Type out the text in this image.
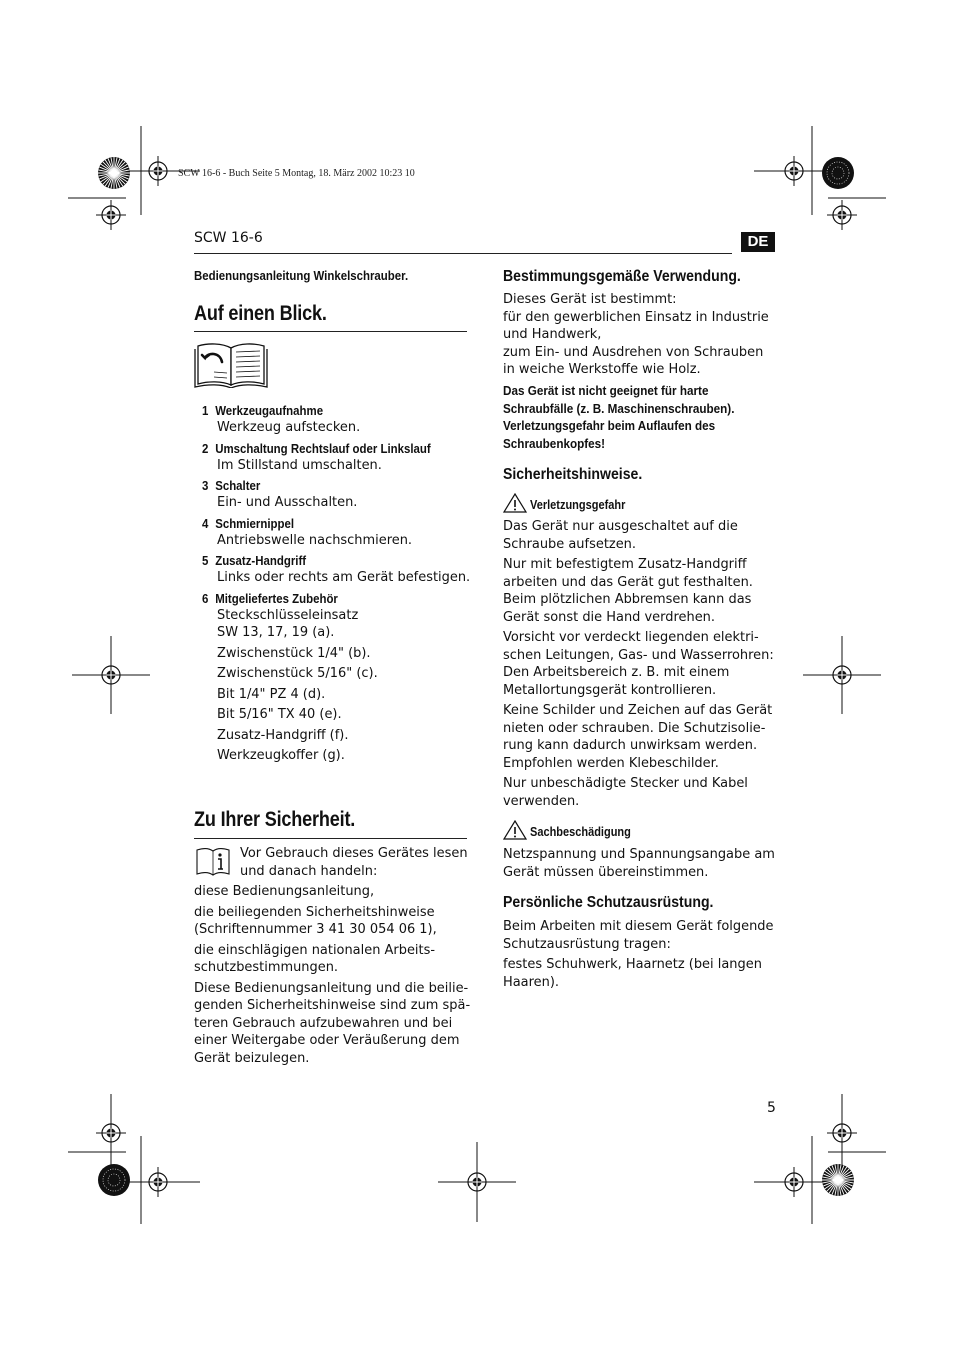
SCW 16-6 - Buch Seite 5 Montag, 18. März 2002 10:23 10
SCW 16-6	DE
Bedienungsanleitung Winkelschrauber.
Auf einen Blick.
1 Werkzeugaufnahme
Werkzeug aufstecken.
2 Umschaltung Rechtslauf oder Linkslauf
Im Stillstand umschalten.
3 Schalter
Ein- und Ausschalten.
4 Schmiernippel
Antriebswelle nachschmieren.
5 Zusatz-Handgriff
Links oder rechts am Gerät befestigen.
6 Mitgeliefertes Zubehör
Steckschlüsseleinsatz
SW 13, 17, 19 (a).
Zwischenstück 1/4" (b).
Zwischenstück 5/16" (c).
Bit 1/4" PZ 4 (d).
Bit 5/16" TX 40 (e).
Zusatz-Handgriff (f).
Werkzeugkoffer (g).
Zu Ihrer Sicherheit.
Vor Gebrauch dieses Gerätes lesen
und danach handeln:

diese Bedienungsanleitung,

die beiliegenden Sicherheitshinweise
(Schriftennummer 3 41 30 054 06 1),

die einschlägigen nationalen Arbeits-
schutzbestimmungen.

Diese Bedienungsanleitung und die beilie-
genden Sicherheitshinweise sind zum spä-
teren Gebrauch aufzubewahren und bei
einer Weitergabe oder Veräußerung dem
Gerät beizulegen.

Bestimmungsgemäße Verwendung.
Dieses Gerät ist bestimmt:
für den gewerblichen Einsatz in Industrie
und Handwerk,
zum Ein- und Ausdrehen von Schrauben
in weiche Werkstoffe wie Holz.
Das Gerät ist nicht geeignet für harte
Schraubfälle (z. B. Maschinenschrauben).
Verletzungsgefahr beim Auflaufen des
Schraubenkopfes!
Sicherheitshinweise.
Verletzungsgefahr

Das Gerät nur ausgeschaltet auf die
Schraube aufsetzen.

Nur mit befestigtem Zusatz-Handgriff
arbeiten und das Gerät gut festhalten.
Beim plötzlichen Abbremsen kann das
Gerät sonst die Hand verdrehen.

Vorsicht vor verdeckt liegenden elektri-
schen Leitungen, Gas- und Wasserrohren:
Den Arbeitsbereich z. B. mit einem
Metallortungsgerät kontrollieren.

Keine Schilder und Zeichen auf das Gerät
nieten oder schrauben. Die Schutzisolie-
rung kann dadurch unwirksam werden.
Empfohlen werden Klebeschilder.

Nur unbeschädigte Stecker und Kabel
verwenden.

Sachbeschädigung

Netzspannung und Spannungsangabe am
Gerät müssen übereinstimmen.

Persönliche Schutzausrüstung.

Beim Arbeiten mit diesem Gerät folgende
Schutzausrüstung tragen:

festes Schuhwerk, Haarnetz (bei langen
Haaren).

5
